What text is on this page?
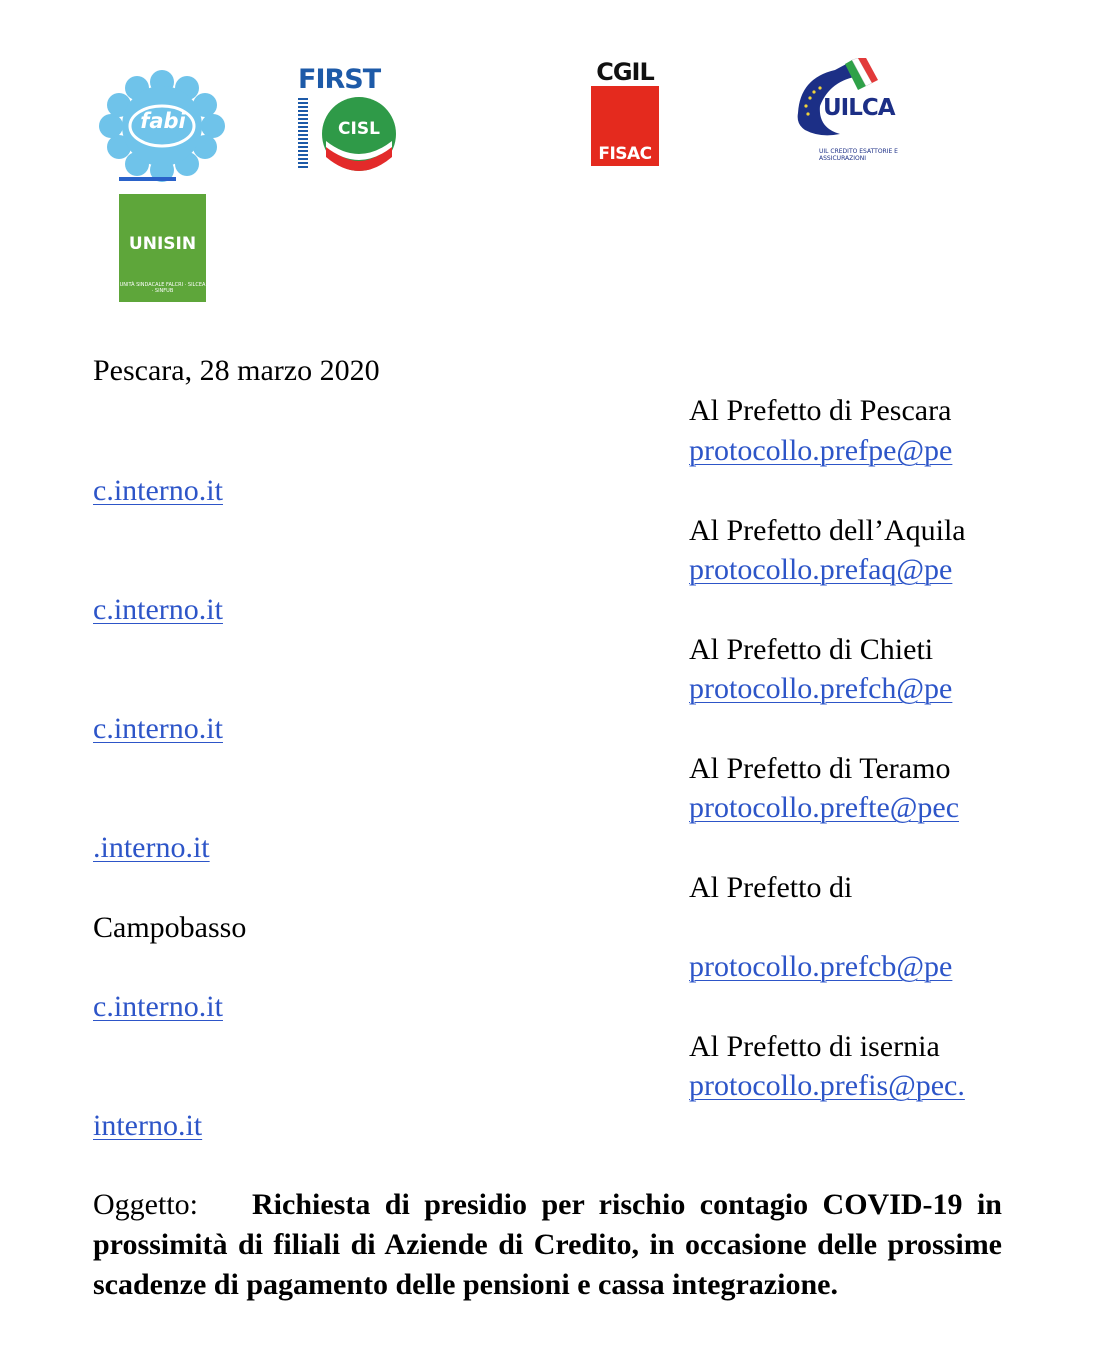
fabi
FIRST
CISL
CGIL
FISAC
UILCA
UIL CREDITO ESATTORIE E ASSICURAZIONI
UNISIN
UNITÀ SINDACALE FALCRI · SILCEA · SINFUB
Pescara, 28 marzo 2020
Al Prefetto di Pescara
protocollo.prefpe@pe
c.interno.it
Al Prefetto dell’Aquila
protocollo.prefaq@pe
c.interno.it
Al Prefetto di Chieti
protocollo.prefch@pe
c.interno.it
Al Prefetto di Teramo
protocollo.prefte@pec
.interno.it
Al Prefetto di
Campobasso
protocollo.prefcb@pe
c.interno.it
Al Prefetto di isernia
protocollo.prefis@pec.
interno.it
Oggetto: Richiesta di presidio per rischio contagio COVID-19 in prossimità di filiali di Aziende di Credito, in occasione delle prossime scadenze di pagamento delle pensioni e cassa integrazione.
